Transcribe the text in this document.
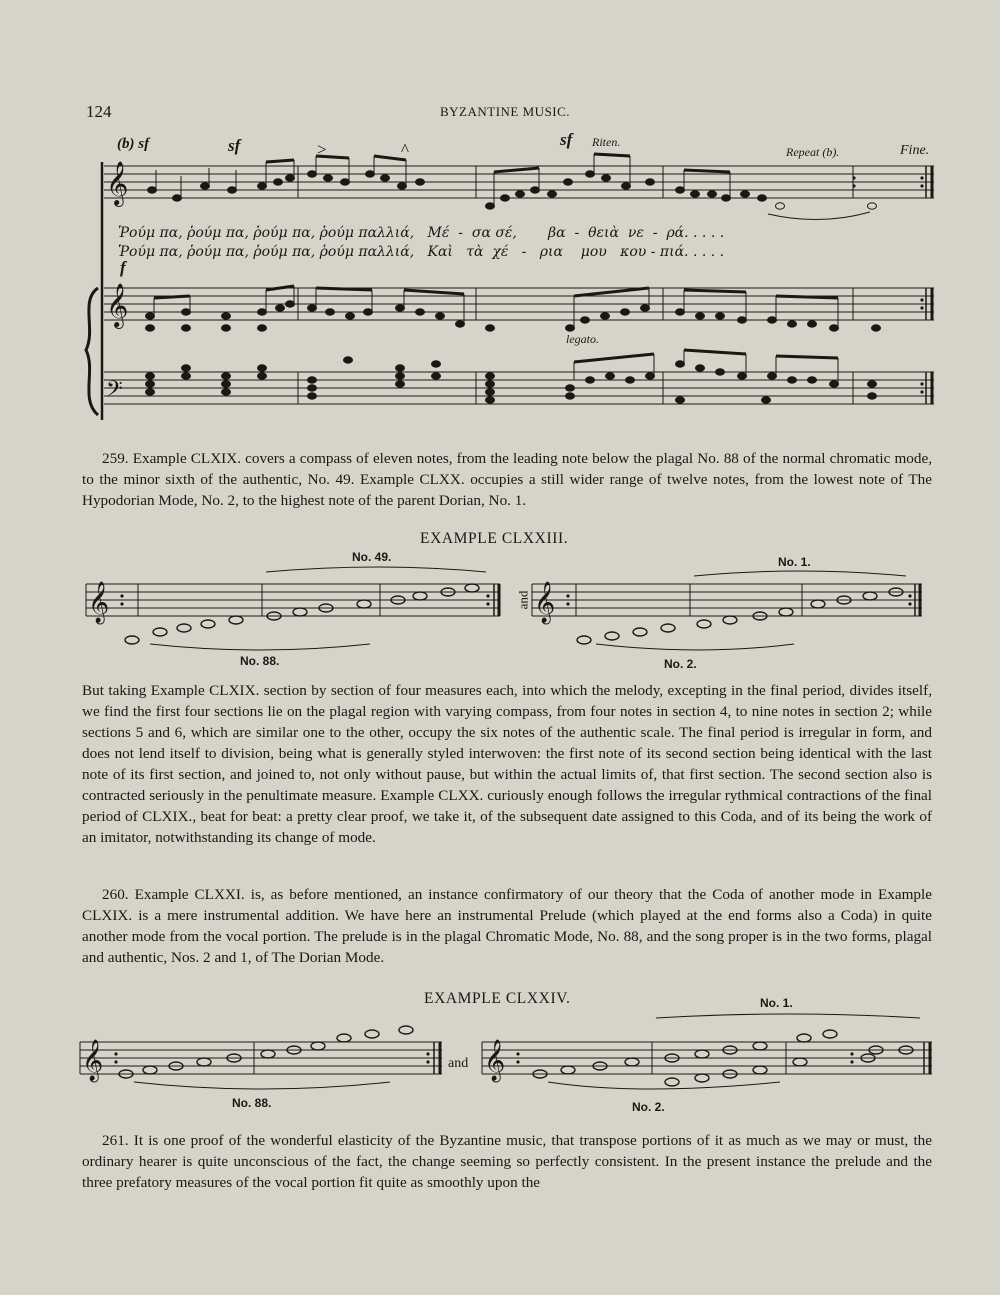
124	BYZANTINE MUSIC.
(b) sf	sf	>	^
sf Riten.
Repeat (b).	Fine.
f
legato.
Ῥούμ πα, ῥούμ πα, ῥούμ πα, ῥούμ παλλιά,   Μέ  -  σα σέ,       βα  -  θειὰ  νε  -  ρά. . . . .
Ῥούμ πα, ῥούμ πα, ῥούμ πα, ῥούμ παλλιά,   Καὶ   τὰ  χέ   -   ρια    μου   κου - πιά. . . . .
𝄞
𝄞
𝄢

259. Example CLXIX. covers a compass of eleven notes, from the leading note below the plagal No. 88 of the normal chromatic mode, to the minor sixth of the authentic, No. 49. Example CLXX. occupies a still wider range of twelve notes, from the lowest note of The Hypodorian Mode, No. 2, to the highest note of the parent Dorian, No. 1.

EXAMPLE CLXXIII.
No. 49.
No. 88.
and
No. 1.
No. 2.
𝄞	𝄞

But taking Example CLXIX. section by section of four measures each, into which the melody, excepting in the final period, divides itself, we find the first four sections lie on the plagal region with varying compass, from four notes in section 4, to nine notes in section 2; while sections 5 and 6, which are similar one to the other, occupy the six notes of the authentic scale. The final period is irregular in form, and does not lend itself to division, being what is generally styled interwoven: the first note of its second section being identical with the last note of its first section, and joined to, not only without pause, but within the actual limits of, that first section. The second section also is contracted seriously in the penultimate measure. Example CLXX. curiously enough follows the irregular rythmical contractions of the final period of CLXIX., beat for beat: a pretty clear proof, we take it, of the subsequent date assigned to this Coda, and of its being the work of an imitator, notwithstanding its change of mode.

260. Example CLXXI. is, as before mentioned, an instance confirmatory of our theory that the Coda of another mode in Example CLXIX. is a mere instrumental addition. We have here an instrumental Prelude (which played at the end forms also a Coda) in quite another mode from the vocal portion. The prelude is in the plagal Chromatic Mode, No. 88, and the song proper is in the two forms, plagal and authentic, Nos. 2 and 1, of The Dorian Mode.

EXAMPLE CLXXIV.
No. 88.
and
No. 1.
No. 2.
𝄞	𝄞

261. It is one proof of the wonderful elasticity of the Byzantine music, that transpose portions of it as much as we may or must, the ordinary hearer is quite unconscious of the fact, the change seeming so perfectly consistent. In the present instance the prelude and the three prefatory measures of the vocal portion fit quite as smoothly upon the
